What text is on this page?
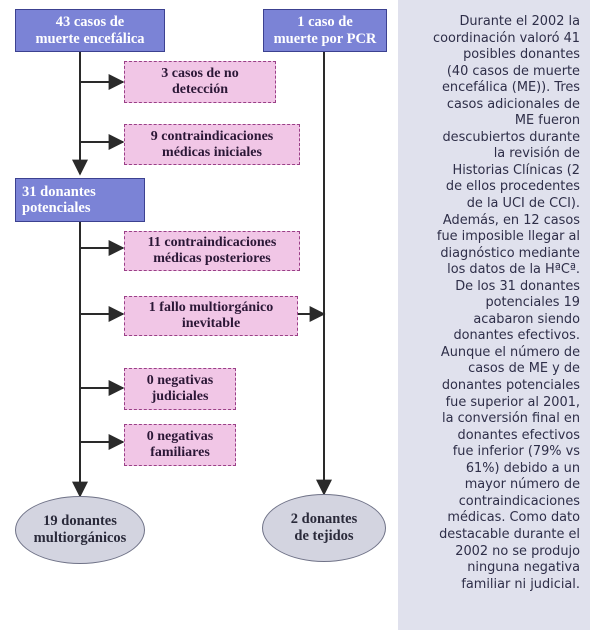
43 casos de
muerte encefálica
1 caso de
muerte por PCR
3 casos de no
detección
9 contraindicaciones
médicas iniciales
31 donantes
potenciales
11 contraindicaciones
médicas posteriores
1 fallo multiorgánico
inevitable
0 negativas
judiciales
0 negativas
familiares
19 donantes
multiorgánicos
2 donantes
de tejidos

Durante el 2002 la
coordinación valoró 41
posibles donantes
(40 casos de muerte
encefálica (ME)). Tres
casos adicionales de
ME fueron
descubiertos durante
la revisión de
Historias Clínicas (2
de ellos procedentes
de la UCI de CCI).
Además, en 12 casos
fue imposible llegar al
diagnóstico mediante
los datos de la HªCª.
De los 31 donantes
potenciales 19
acabaron siendo
donantes efectivos.
Aunque el número de
casos de ME y de
donantes potenciales
fue superior al 2001,
la conversión final en
donantes efectivos
fue inferior (79% vs
61%) debido a un
mayor número de
contraindicaciones
médicas. Como dato
destacable durante el
2002 no se produjo
ninguna negativa
familiar ni judicial.
